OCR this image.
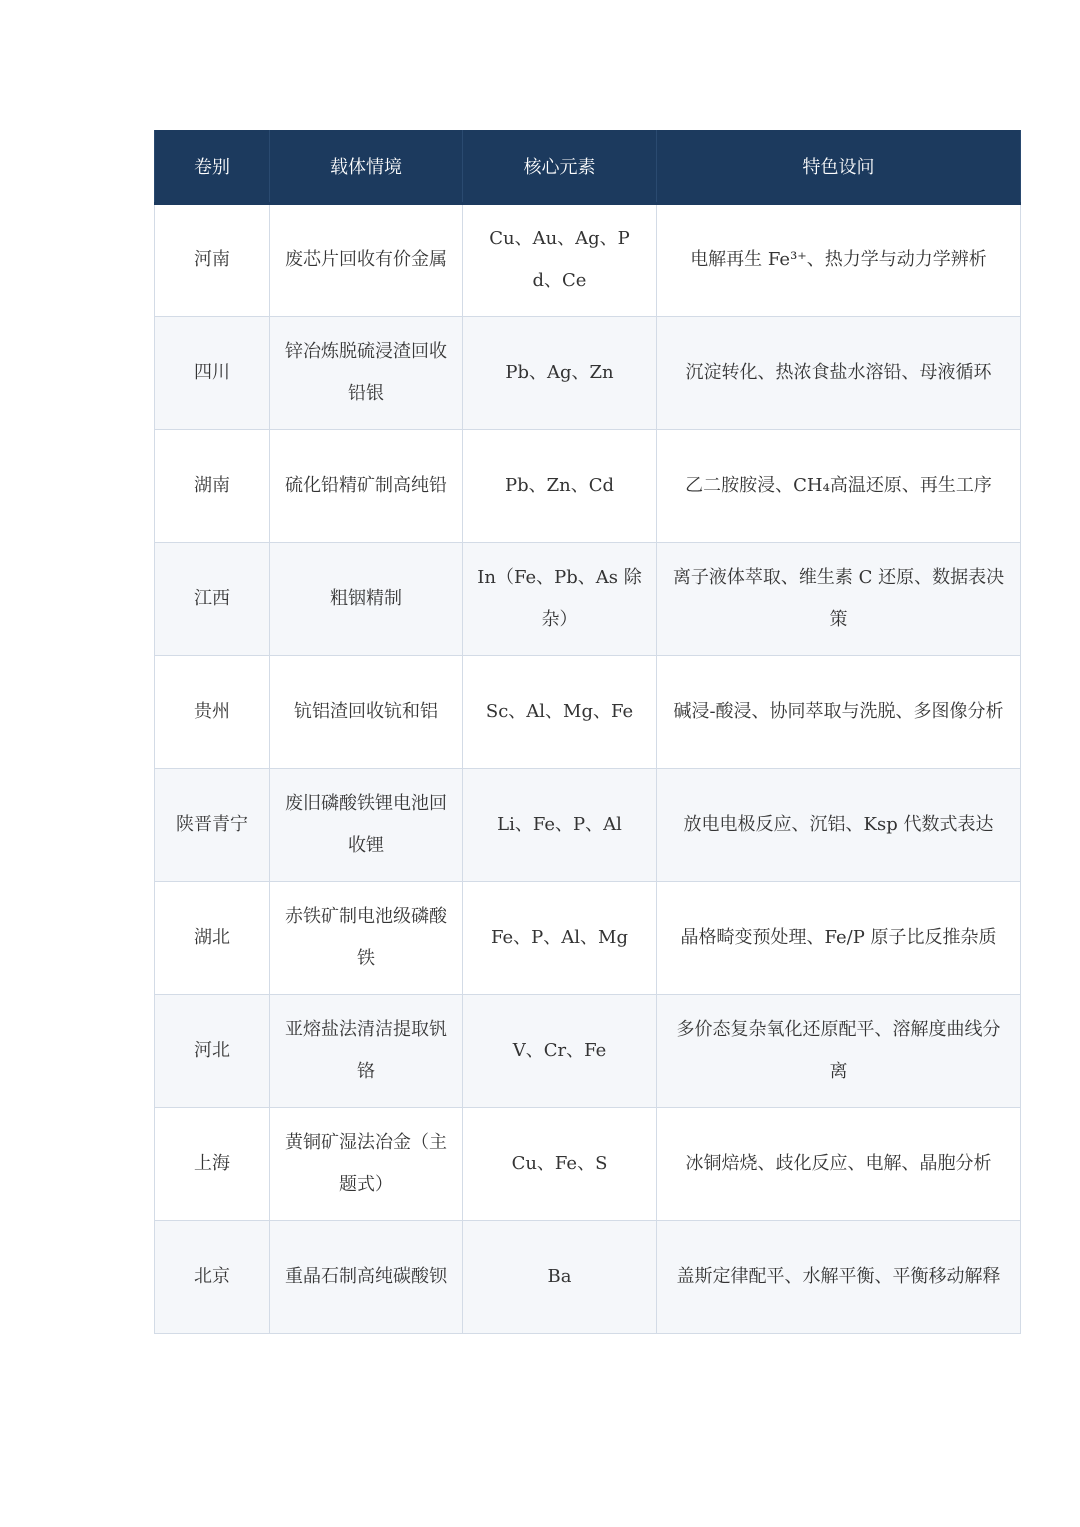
卷别	载体情境	核心元素	特色设问
河南	废芯片回收有价金属	Cu、Au、Ag、Pd、Ce	电解再生 Fe³⁺、热力学与动力学辨析
四川	锌冶炼脱硫浸渣回收铅银	Pb、Ag、Zn	沉淀转化、热浓食盐水溶铅、母液循环
湖南	硫化铅精矿制高纯铅	Pb、Zn、Cd	乙二胺胺浸、CH₄高温还原、再生工序
江西	粗铟精制	In（Fe、Pb、As 除杂）	离子液体萃取、维生素 C 还原、数据表决策
贵州	钪铝渣回收钪和铝	Sc、Al、Mg、Fe	碱浸-酸浸、协同萃取与洗脱、多图像分析
陕晋青宁	废旧磷酸铁锂电池回收锂	Li、Fe、P、Al	放电电极反应、沉铝、Ksp 代数式表达
湖北	赤铁矿制电池级磷酸铁	Fe、P、Al、Mg	晶格畸变预处理、Fe/P 原子比反推杂质
河北	亚熔盐法清洁提取钒铬	V、Cr、Fe	多价态复杂氧化还原配平、溶解度曲线分离
上海	黄铜矿湿法冶金（主题式）	Cu、Fe、S	冰铜焙烧、歧化反应、电解、晶胞分析
北京	重晶石制高纯碳酸钡	Ba	盖斯定律配平、水解平衡、平衡移动解释
